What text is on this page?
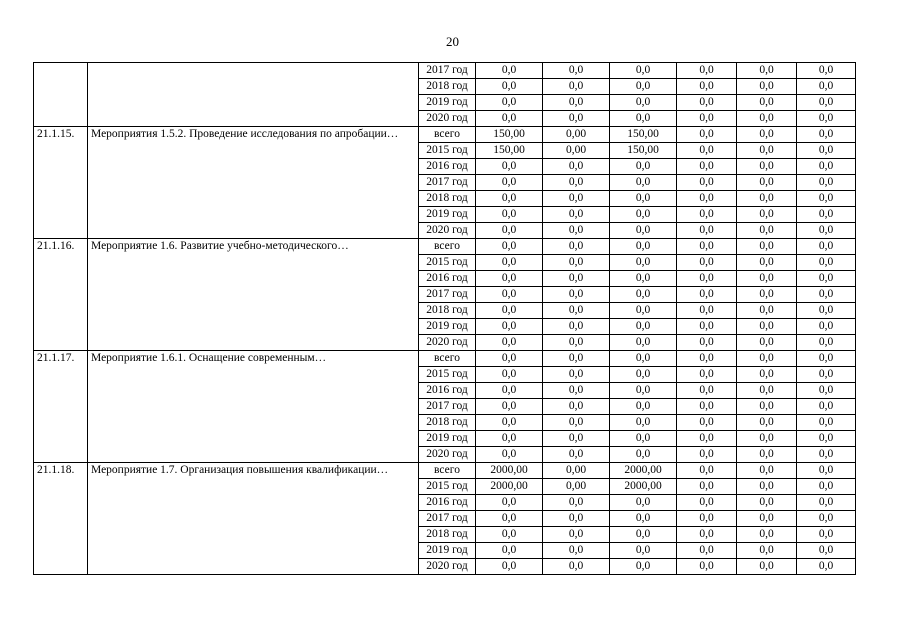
20
		2017 год	0,0	0,0	0,0	0,0	0,0	0,0
		2018 год	0,0	0,0	0,0	0,0	0,0	0,0
		2019 год	0,0	0,0	0,0	0,0	0,0	0,0
		2020 год	0,0	0,0	0,0	0,0	0,0	0,0
21.1.15.	Мероприятия 1.5.2. Проведение исследования по апробации…	всего	150,00	0,00	150,00	0,0	0,0	0,0
		2015 год	150,00	0,00	150,00	0,0	0,0	0,0
		2016 год	0,0	0,0	0,0	0,0	0,0	0,0
		2017 год	0,0	0,0	0,0	0,0	0,0	0,0
		2018 год	0,0	0,0	0,0	0,0	0,0	0,0
		2019 год	0,0	0,0	0,0	0,0	0,0	0,0
		2020 год	0,0	0,0	0,0	0,0	0,0	0,0
21.1.16.	Мероприятие 1.6. Развитие учебно-методического…	всего	0,0	0,0	0,0	0,0	0,0	0,0
		2015 год	0,0	0,0	0,0	0,0	0,0	0,0
		2016 год	0,0	0,0	0,0	0,0	0,0	0,0
		2017 год	0,0	0,0	0,0	0,0	0,0	0,0
		2018 год	0,0	0,0	0,0	0,0	0,0	0,0
		2019 год	0,0	0,0	0,0	0,0	0,0	0,0
		2020 год	0,0	0,0	0,0	0,0	0,0	0,0
21.1.17.	Мероприятие 1.6.1. Оснащение современным…	всего	0,0	0,0	0,0	0,0	0,0	0,0
		2015 год	0,0	0,0	0,0	0,0	0,0	0,0
		2016 год	0,0	0,0	0,0	0,0	0,0	0,0
		2017 год	0,0	0,0	0,0	0,0	0,0	0,0
		2018 год	0,0	0,0	0,0	0,0	0,0	0,0
		2019 год	0,0	0,0	0,0	0,0	0,0	0,0
		2020 год	0,0	0,0	0,0	0,0	0,0	0,0
21.1.18.	Мероприятие 1.7. Организация повышения квалификации…	всего	2000,00	0,00	2000,00	0,0	0,0	0,0
		2015 год	2000,00	0,00	2000,00	0,0	0,0	0,0
		2016 год	0,0	0,0	0,0	0,0	0,0	0,0
		2017 год	0,0	0,0	0,0	0,0	0,0	0,0
		2018 год	0,0	0,0	0,0	0,0	0,0	0,0
		2019 год	0,0	0,0	0,0	0,0	0,0	0,0
		2020 год	0,0	0,0	0,0	0,0	0,0	0,0
